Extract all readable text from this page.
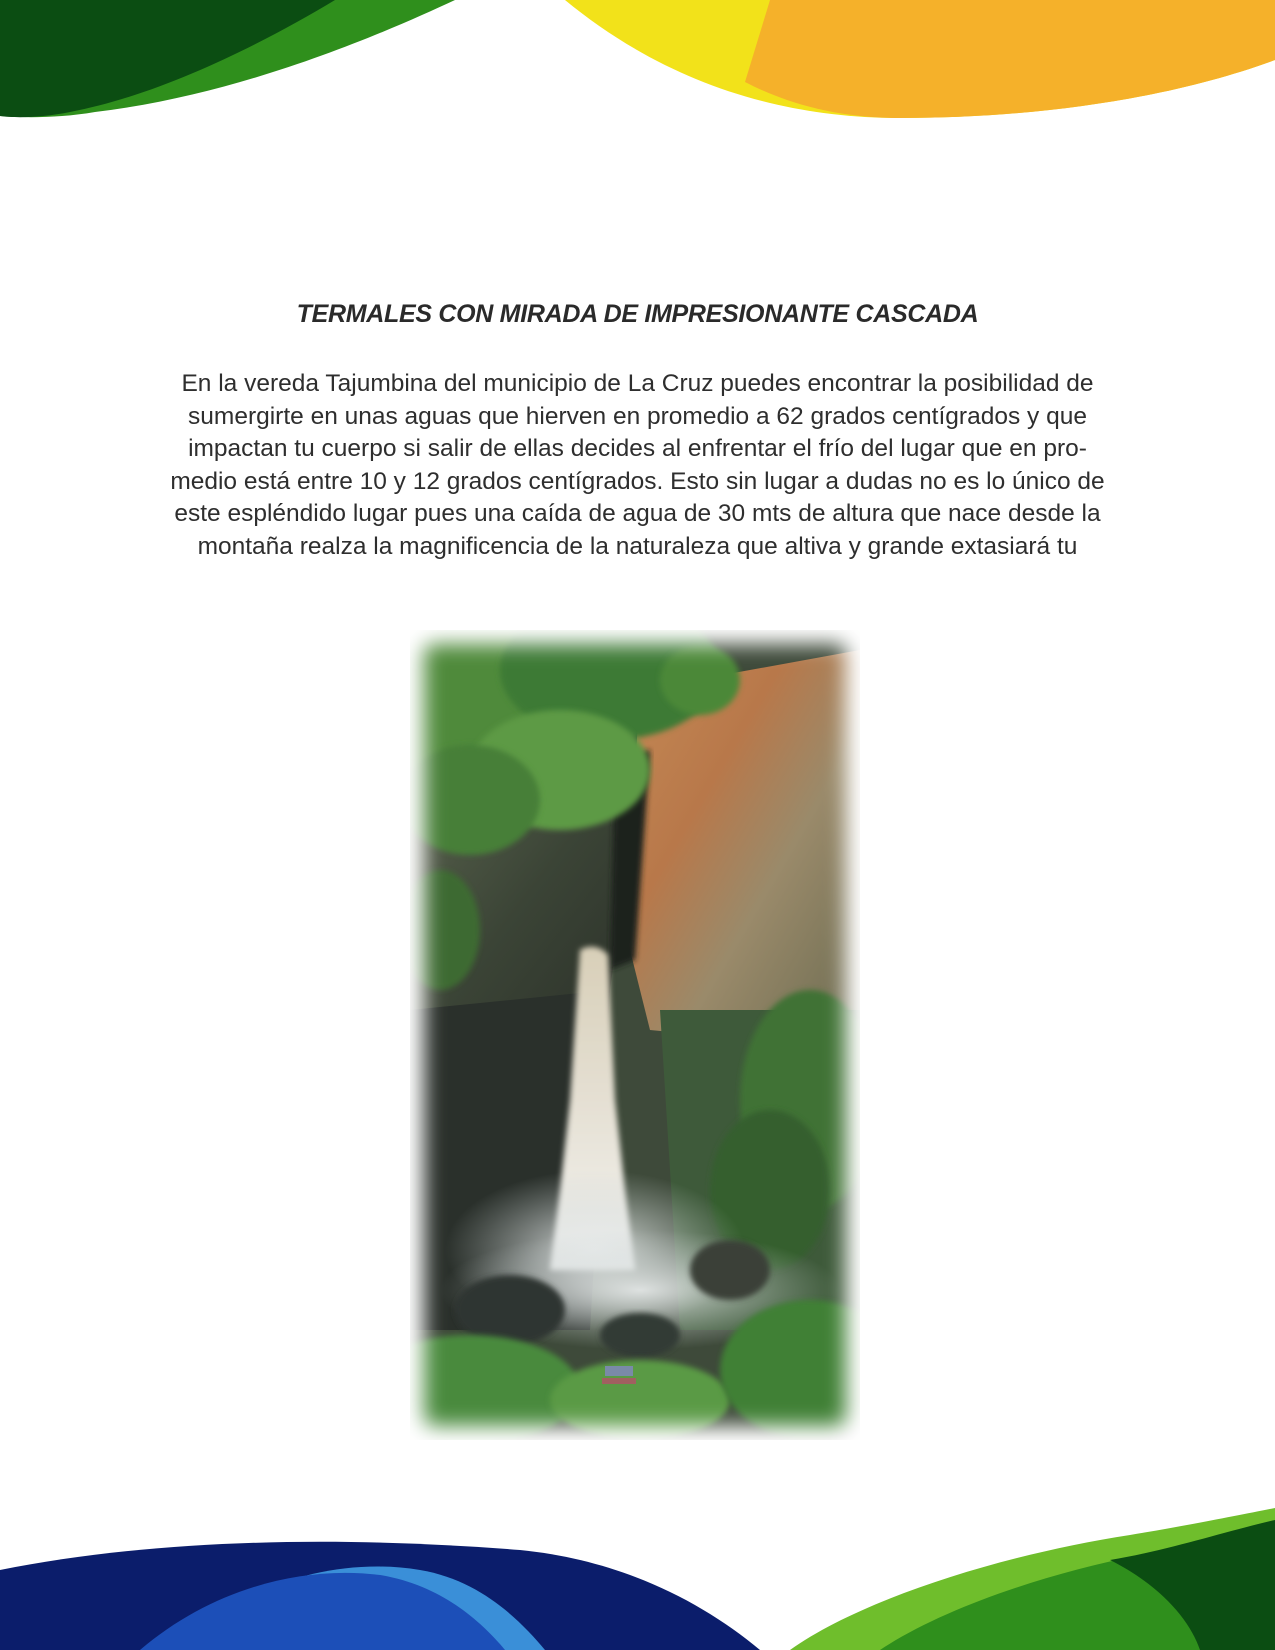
TERMALES CON MIRADA DE IMPRESIONANTE CASCADA

En la vereda Tajumbina del municipio de La Cruz puedes encontrar la posibilidad de
sumergirte en unas aguas que hierven en promedio a 62 grados centígrados y que
impactan tu cuerpo si salir de ellas decides al enfrentar el frío del lugar que en pro-
medio está entre 10 y 12 grados centígrados. Esto sin lugar a dudas no es lo único de
este espléndido lugar pues una caída de agua de 30 mts de altura que nace desde la
montaña realza la magnificencia de la naturaleza que altiva y grande extasiará tu
